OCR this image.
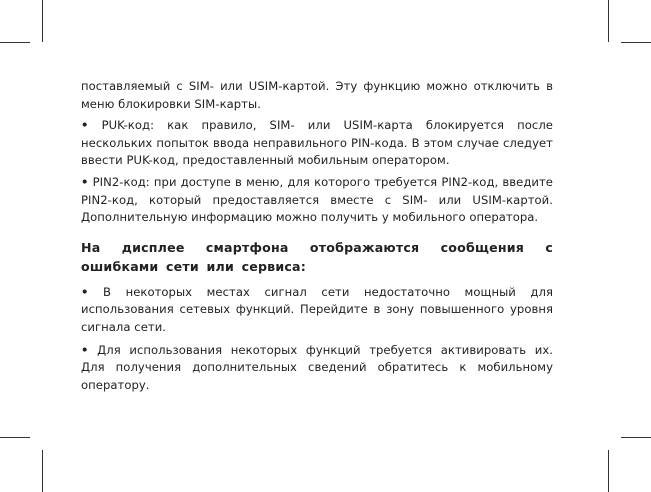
поставляемый с SIM- или USIM-картой. Эту функцию можно отключить в меню блокировки SIM-карты.

• PUK-код: как правило, SIM- или USIM-карта блокируется после нескольких попыток ввода неправильного PIN-кода. В этом случае следует ввести PUK-код, предоставленный мобильным оператором.

• PIN2-код: при доступе в меню, для которого требуется PIN2-код, введите PIN2-код, который предоставляется вместе с SIM- или USIM-картой. Дополнительную информацию можно получить у мобильного оператора.

На дисплее смартфона отображаются сообщения с ошибками сети или сервиса:

• В некоторых местах сигнал сети недостаточно мощный для использования сетевых функций. Перейдите в зону повышенного уровня сигнала сети.

• Для использования некоторых функций требуется активировать их. Для получения дополнительных сведений обратитесь к мобильному оператору.
